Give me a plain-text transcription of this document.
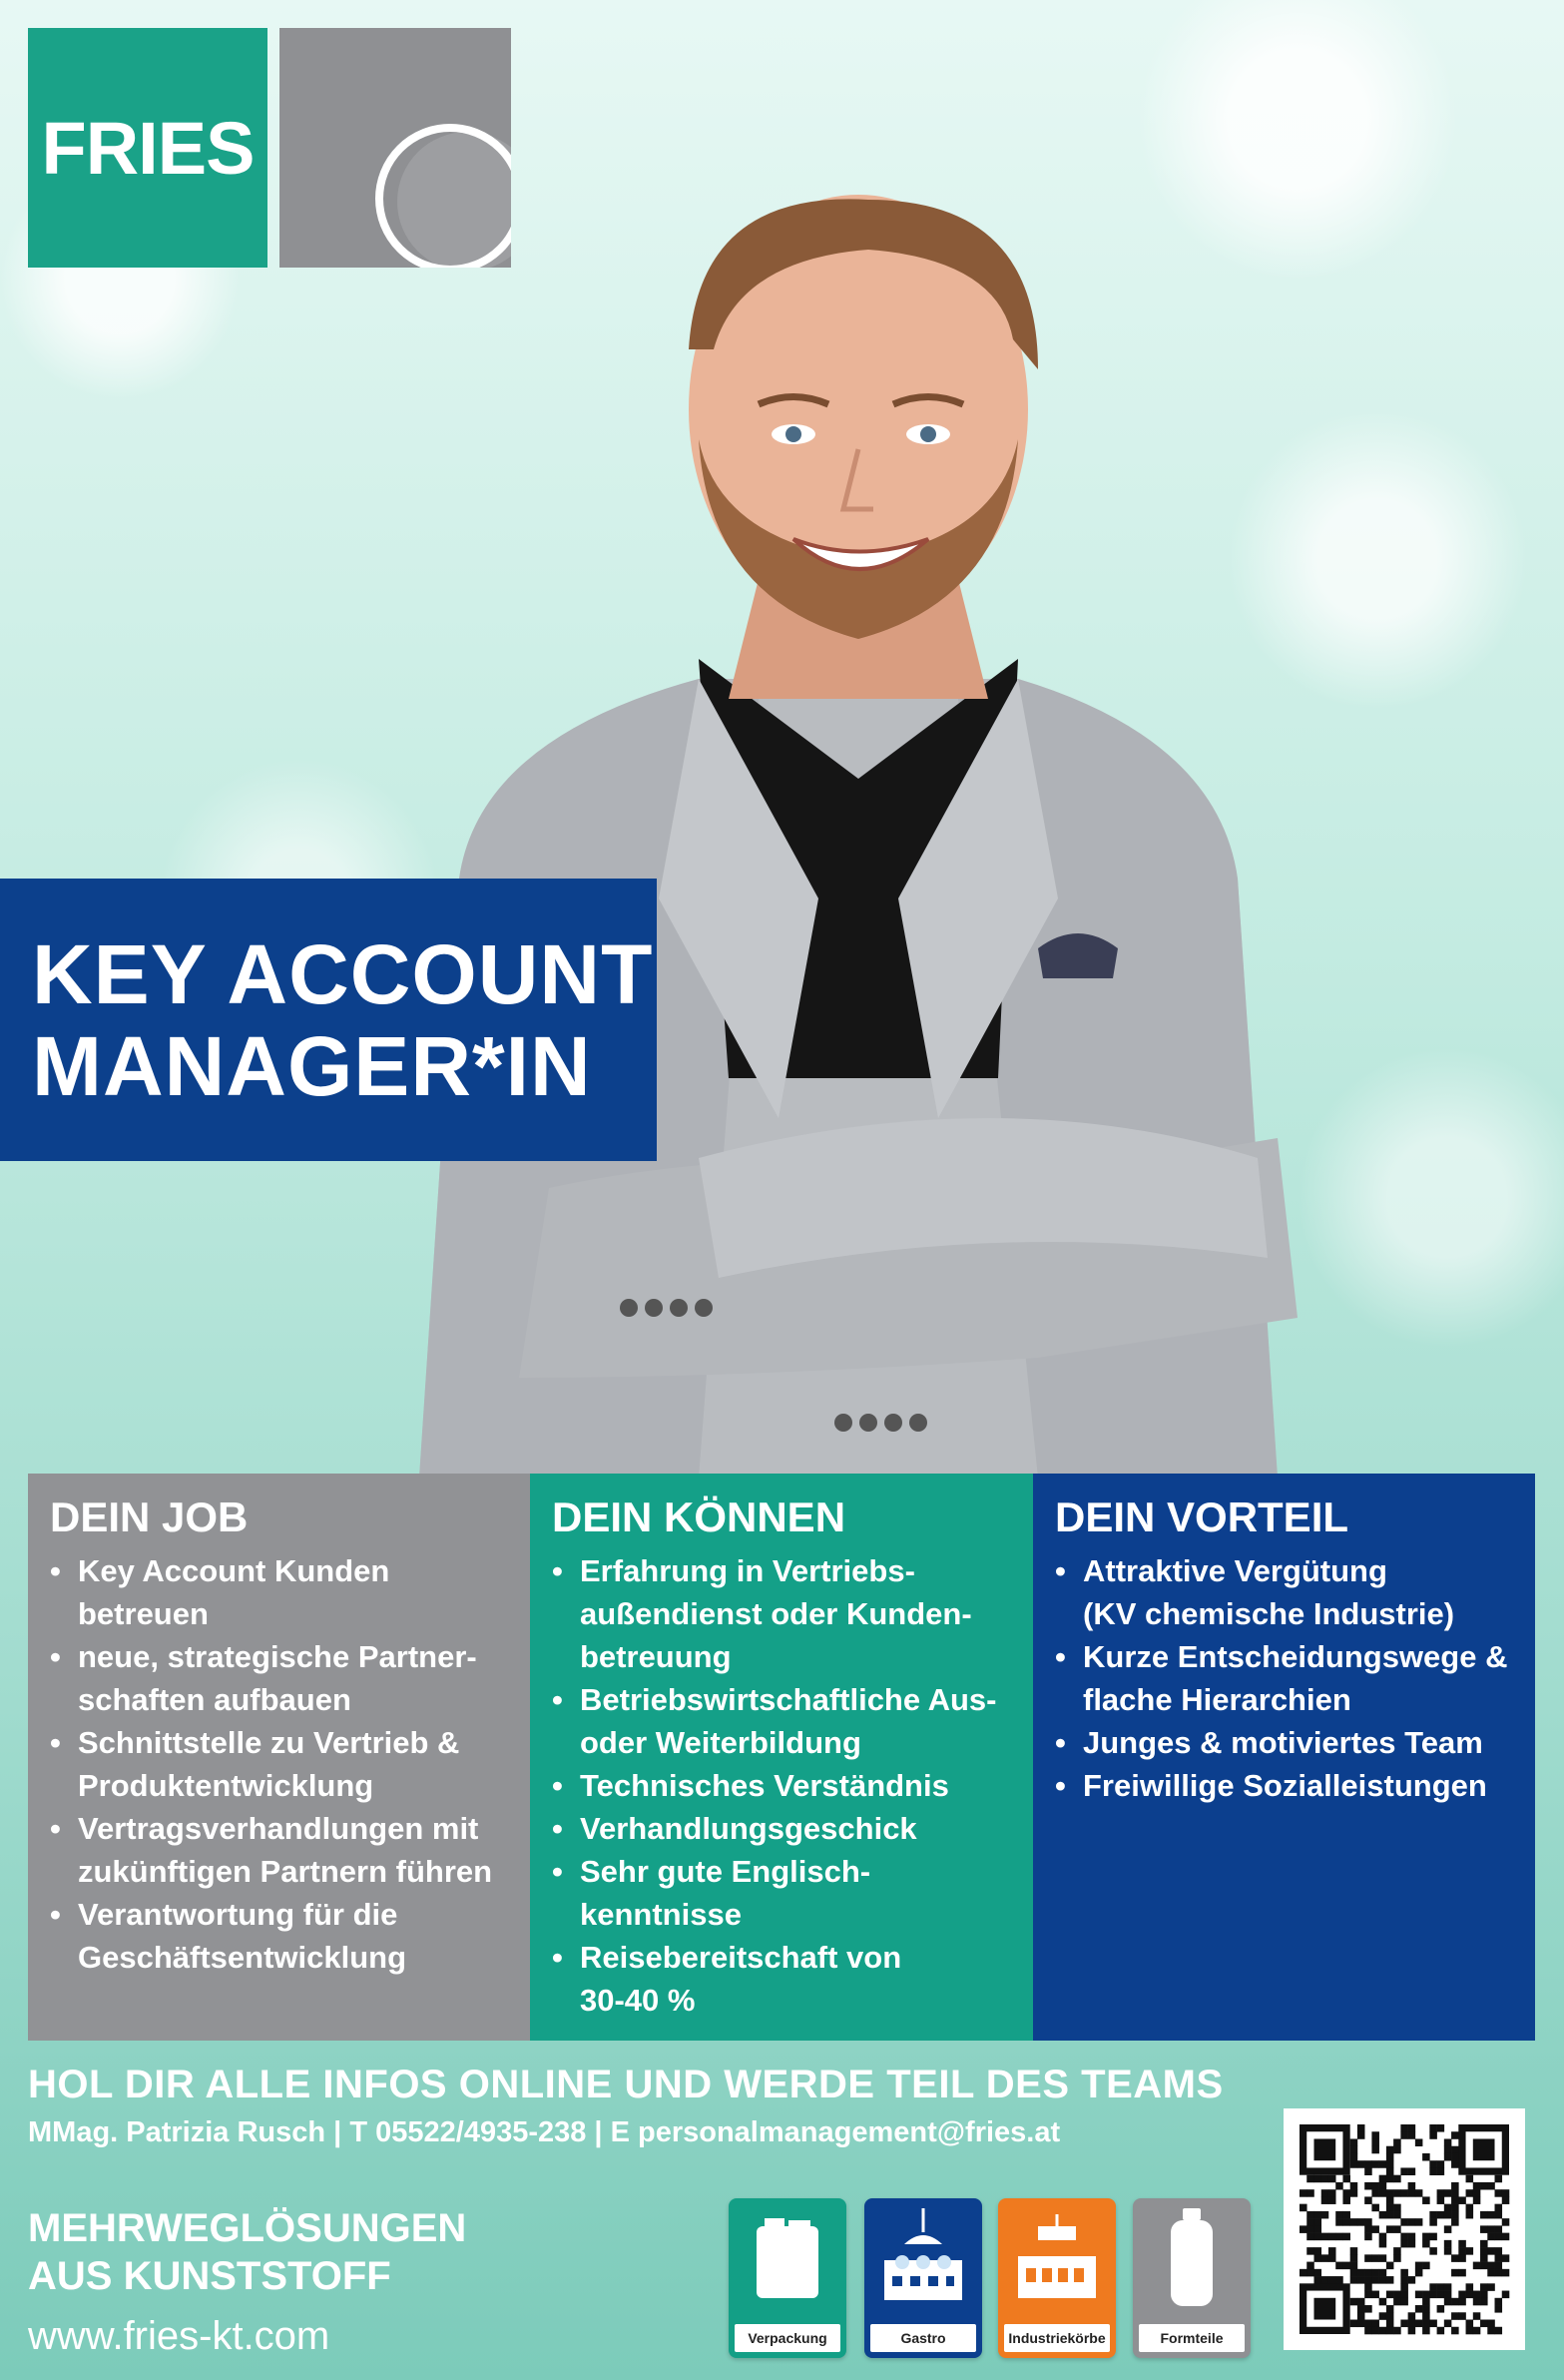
FRIES
KEY ACCOUNT
MANAGER*IN
DEIN JOB
• Key Account Kunden
betreuen
• neue, strategische Partner-
schaften aufbauen
• Schnittstelle zu Vertrieb &
Produktentwicklung
• Vertragsverhandlungen mit
zukünftigen Partnern führen
• Verantwortung für die
Geschäftsentwicklung
DEIN KÖNNEN
• Erfahrung in Vertriebs-
außendienst oder Kunden-
betreuung
• Betriebswirtschaftliche Aus-
oder Weiterbildung
• Technisches Verständnis
• Verhandlungsgeschick
• Sehr gute Englisch-
kenntnisse
• Reisebereitschaft von
30-40 %
DEIN VORTEIL
• Attraktive Vergütung
(KV chemische Industrie)
• Kurze Entscheidungswege &
flache Hierarchien
• Junges & motiviertes Team
• Freiwillige Sozialleistungen
HOL DIR ALLE INFOS ONLINE UND WERDE TEIL DES TEAMS
MMag. Patrizia Rusch | T 05522/4935-238 | E personalmanagement@fries.at
MEHRWEGLÖSUNGEN
AUS KUNSTSTOFF
www.fries-kt.com	Verpackung	Gastro	Industriekörbe	Formteile
